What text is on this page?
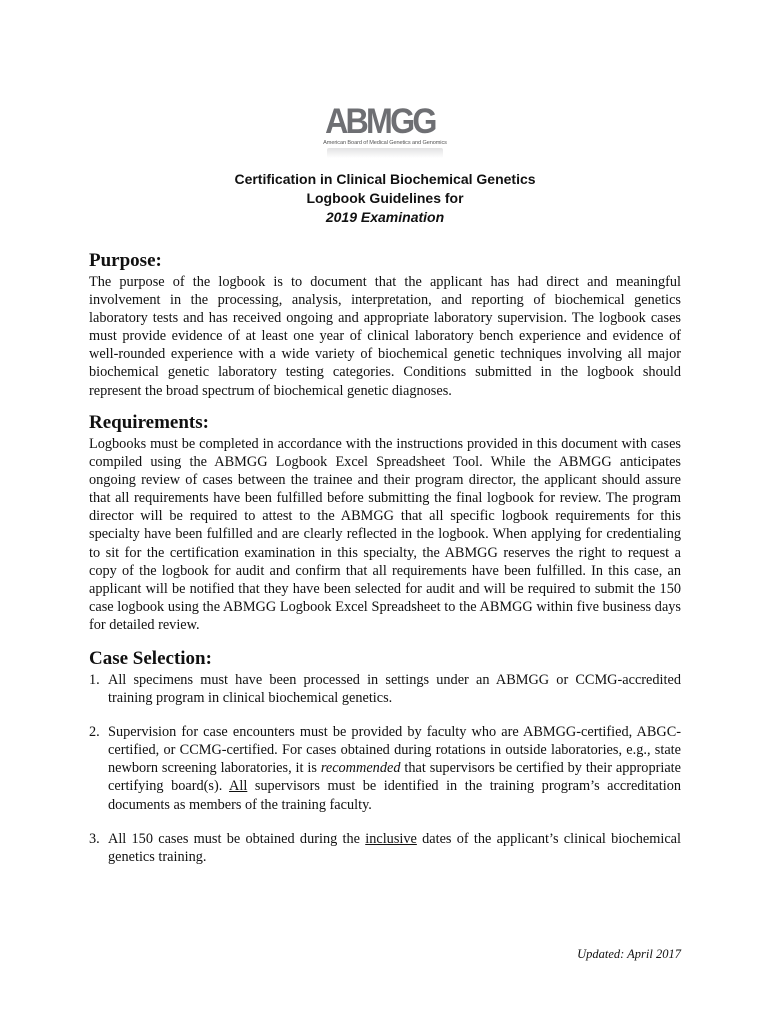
ABMGG
American Board of Medical Genetics and Genomics
Certification in Clinical Biochemical Genetics
Logbook Guidelines for
2019 Examination
Purpose:

The purpose of the logbook is to document that the applicant has had direct and meaningful involvement in the processing, analysis, interpretation, and reporting of biochemical genetics laboratory tests and has received ongoing and appropriate laboratory supervision. The logbook cases must provide evidence of at least one year of clinical laboratory bench experience and evidence of well-rounded experience with a wide variety of biochemical genetic techniques involving all major biochemical genetic laboratory testing categories. Conditions submitted in the logbook should represent the broad spectrum of biochemical genetic diagnoses.

Requirements:

Logbooks must be completed in accordance with the instructions provided in this document with cases compiled using the ABMGG Logbook Excel Spreadsheet Tool. While the ABMGG anticipates ongoing review of cases between the trainee and their program director, the applicant should assure that all requirements have been fulfilled before submitting the final logbook for review. The program director will be required to attest to the ABMGG that all specific logbook requirements for this specialty have been fulfilled and are clearly reflected in the logbook. When applying for credentialing to sit for the certification examination in this specialty, the ABMGG reserves the right to request a copy of the logbook for audit and confirm that all requirements have been fulfilled. In this case, an applicant will be notified that they have been selected for audit and will be required to submit the 150 case logbook using the ABMGG Logbook Excel Spreadsheet to the ABMGG within five business days for detailed review.

Case Selection:
1. All specimens must have been processed in settings under an ABMGG or CCMG-accredited training program in clinical biochemical genetics.

2. Supervision for case encounters must be provided by faculty who are ABMGG-certified, ABGC-certified, or CCMG-certified. For cases obtained during rotations in outside laboratories, e.g., state newborn screening laboratories, it is recommended that supervisors be certified by their appropriate certifying board(s). All supervisors must be identified in the training program’s accreditation documents as members of the training faculty.

3. All 150 cases must be obtained during the inclusive dates of the applicant’s clinical biochemical genetics training.

Updated: April 2017
